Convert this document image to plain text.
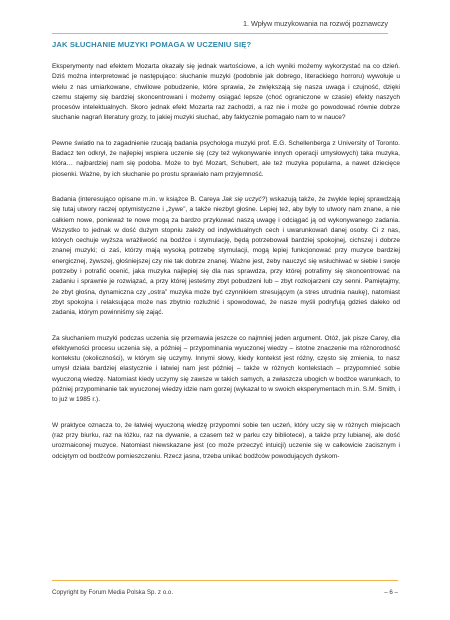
1. Wpływ muzykowania na rozwój poznawczy
JAK SŁUCHANIE MUZYKI POMAGA W UCZENIU SIĘ?

Eksperymenty nad efektem Mozarta okazały się jednak wartościowe, a ich wyniki możemy wykorzystać na co dzień. Dziś można interpretować je następująco: słuchanie muzyki (podobnie jak dobrego, literackiego horroru) wywołuje u wielu z nas umiarkowane, chwilowe pobudzenie, które sprawia, że zwiększają się nasza uwaga i czujność, dzięki czemu stajemy się bardziej skoncentrowani i możemy osiągać lepsze (choć ograniczone w czasie) efekty naszych procesów intelektualnych. Skoro jednak efekt Mozarta raz zachodzi, a raz nie i może go powodować równie dobrze słuchanie nagrań literatury grozy, to jakiej muzyki słuchać, aby faktycznie pomagało nam to w nauce?

Pewne światło na to zagadnienie rzucają badania psychologa muzyki prof. E.G. Schellenberga z University of Toronto. Badacz ten odkrył, że najlepiej wspiera uczenie się (czy też wykonywanie innych operacji umysłowych) taka muzyka, która… najbardziej nam się podoba. Może to być Mozart, Schubert, ale też muzyka popularna, a nawet dziecięce piosenki. Ważne, by ich słuchanie po prostu sprawiało nam przyjemność.

Badania (interesująco opisane m.in. w książce B. Careya Jak się uczyć?) wskazują także, że zwykle lepiej sprawdzają się tutaj utwory raczej optymistyczne i „żywe”, a także niezbyt głośne. Lepiej też, aby były to utwory nam znane, a nie całkiem nowe, ponieważ te nowe mogą za bardzo przykuwać naszą uwagę i odciągać ją od wykonywanego zadania. Wszystko to jednak w dość dużym stopniu zależy od indywidualnych cech i uwarunkowań danej osoby. Ci z nas, których cechuje wyższa wrażliwość na bodźce i stymulację, będą potrzebowali bardziej spokojnej, cichszej i dobrze znanej muzyki; ci zaś, którzy mają wysoką potrzebę stymulacji, mogą lepiej funkcjonować przy muzyce bardziej energicznej, żywszej, głośniejszej czy nie tak dobrze znanej. Ważne jest, żeby nauczyć się wsłuchiwać w siebie i swoje potrzeby i potrafić ocenić, jaka muzyka najlepiej się dla nas sprawdza, przy której potrafimy się skoncentrować na zadaniu i sprawnie je rozwiązać, a przy której jesteśmy zbyt pobudzeni lub – zbyt rozkojarzeni czy senni. Pamiętajmy, że zbyt głośna, dynamiczna czy „ostra” muzyka może być czynnikiem stresującym (a stres utrudnia naukę), natomiast zbyt spokojna i relaksująca może nas zbytnio rozluźnić i spowodować, że nasze myśli podryfują gdzieś daleko od zadania, którym powinniśmy się zająć.

Za słuchaniem muzyki podczas uczenia się przemawia jeszcze co najmniej jeden argument. Otóż, jak pisze Carey, dla efektywności procesu uczenia się, a później – przypominania wyuczonej wiedzy – istotne znaczenie ma różnorodność kontekstu (okoliczności), w którym się uczymy. Innymi słowy, kiedy kontekst jest różny, często się zmienia, to nasz umysł działa bardziej elastycznie i łatwiej nam jest później – także w różnych kontekstach – przypomnieć sobie wyuczoną wiedzę. Natomiast kiedy uczymy się zawsze w takich samych, a zwłaszcza ubogich w bodźce warunkach, to później przypominanie tak wyuczonej wiedzy idzie nam gorzej (wykazał to w swoich eksperymentach m.in. S.M. Smith, i to już w 1985 r.).

W praktyce oznacza to, że łatwiej wyuczoną wiedzę przypomni sobie ten uczeń, który uczy się w różnych miejscach (raz przy biurku, raz na łóżku, raz na dywanie, a czasem też w parku czy bibliotece), a także przy lubianej, ale dość urozmaiconej muzyce. Natomiast niewskazane jest (co może przeczyć intuicji) uczenie się w całkowicie zacisznym i odciętym od bodźców pomieszczeniu. Rzecz jasna, trzeba unikać bodźców powodujących dyskom-

Copyright by Forum Media Polska Sp. z o.o.	– 6 –
